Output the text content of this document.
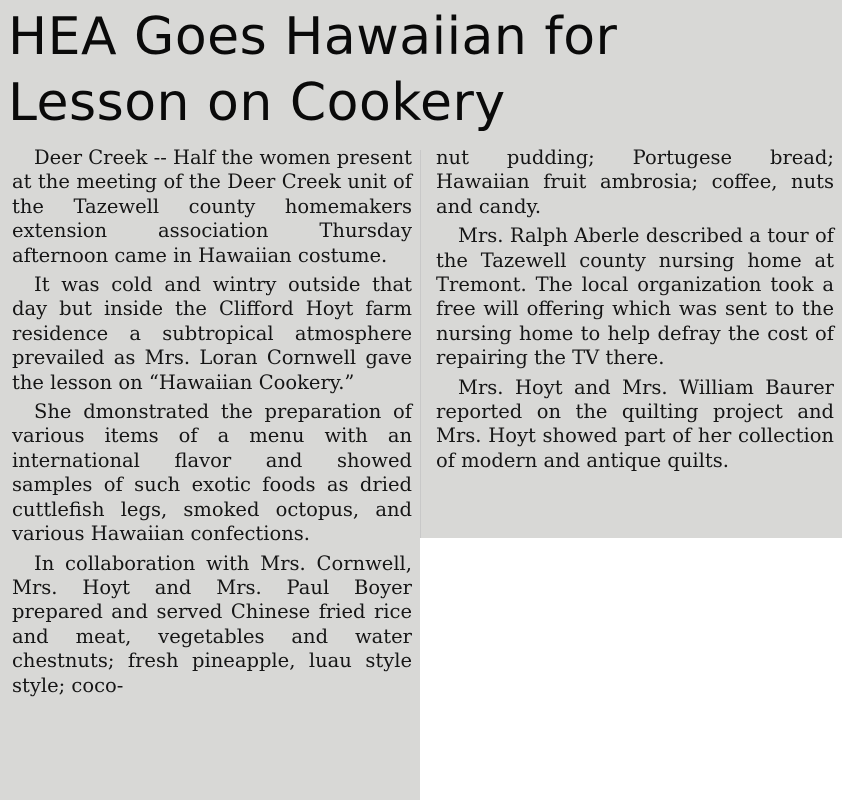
HEA Goes Hawaiian for
Lesson on Cookery

Deer Creek -- Half the women present at the meeting of the Deer Creek unit of the Tazewell county homemakers extension association Thursday afternoon came in Hawaiian costume.

It was cold and wintry outside that day but inside the Clifford Hoyt farm residence a subtropical atmosphere prevailed as Mrs. Loran Cornwell gave the lesson on “Hawaiian Cookery.”

She dmonstrated the preparation of various items of a menu with an international flavor and showed samples of such exotic foods as dried cuttlefish legs, smoked octopus, and various Hawaiian confections.

In collaboration with Mrs. Cornwell, Mrs. Hoyt and Mrs. Paul Boyer prepared and served Chinese fried rice and meat, vegetables and water chestnuts; fresh pineapple, luau style style; coco-

nut pudding; Portugese bread; Hawaiian fruit ambrosia; coffee, nuts and candy.

Mrs. Ralph Aberle described a tour of the Tazewell county nursing home at Tremont. The local organization took a free will offering which was sent to the nursing home to help defray the cost of repairing the TV there.

Mrs. Hoyt and Mrs. William Baurer reported on the quilting project and Mrs. Hoyt showed part of her collection of modern and antique quilts.
